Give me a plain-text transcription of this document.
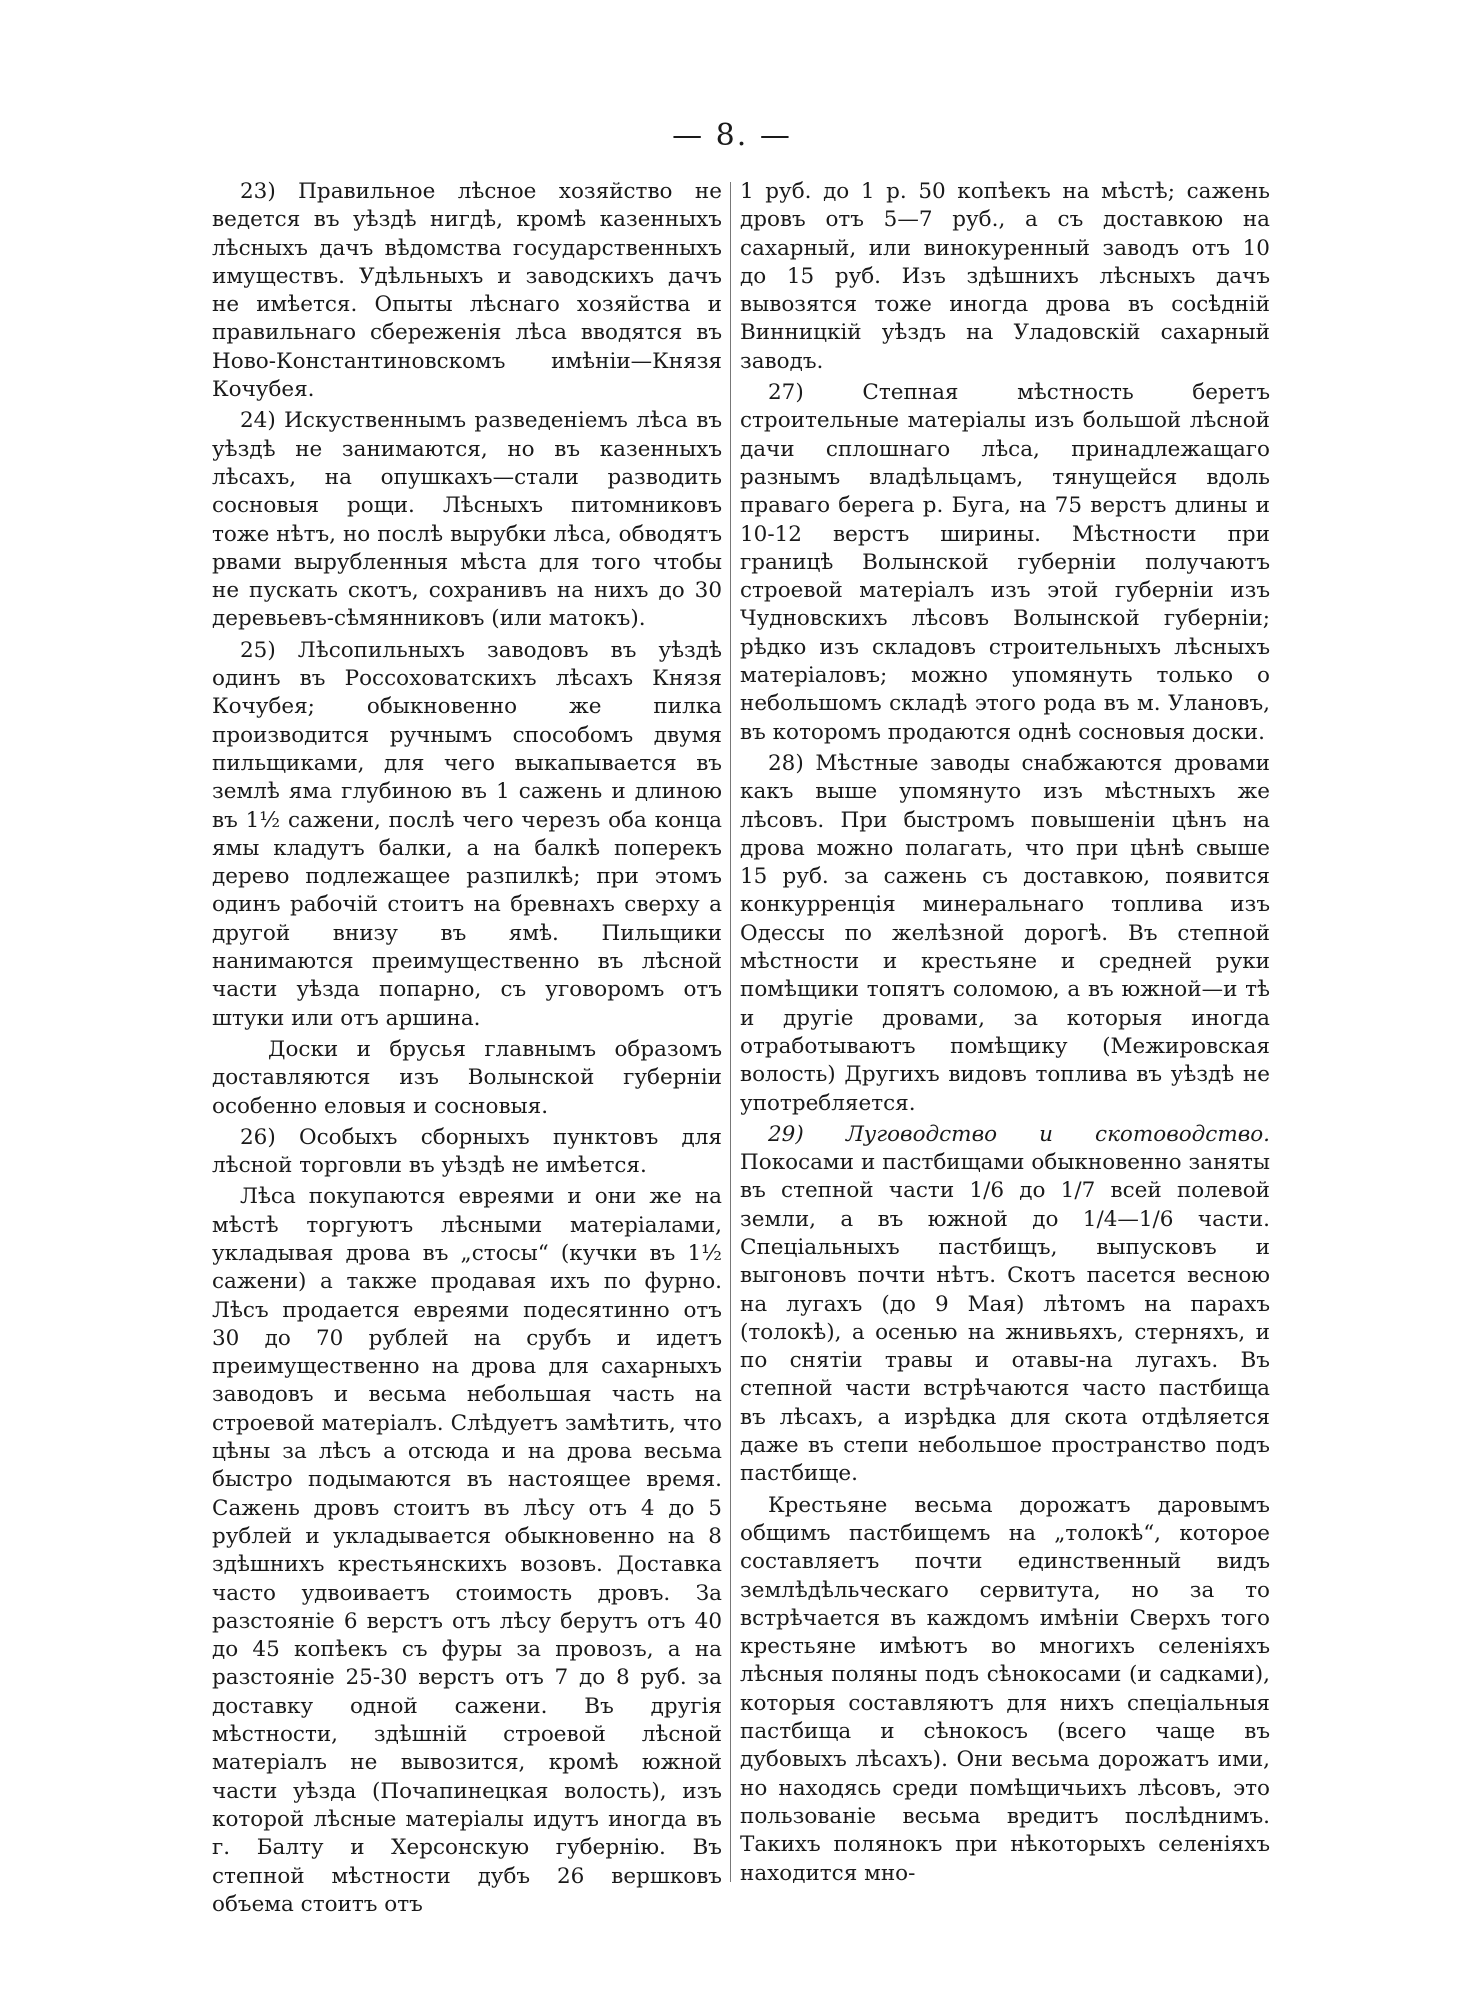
— 8. —

23) Правильное лѣсное хозяйство не ведется въ уѣздѣ нигдѣ, кромѣ казенныхъ лѣсныхъ дачъ вѣдомства государственныхъ имуществъ. Удѣльныхъ и заводскихъ дачъ не имѣется. Опыты лѣснаго хозяйства и правильнаго сбереженія лѣса вводятся въ Ново-Константиновскомъ имѣніи—Князя Кочубея.

24) Искуственнымъ разведеніемъ лѣса въ уѣздѣ не занимаются, но въ казенныхъ лѣсахъ, на опушкахъ—стали разводить сосновыя рощи. Лѣсныхъ питомниковъ тоже нѣтъ, но послѣ вырубки лѣса, обводятъ рвами вырубленныя мѣста для того чтобы не пускать скотъ, сохранивъ на нихъ до 30 деревьевъ-сѣмянниковъ (или матокъ).

25) Лѣсопильныхъ заводовъ въ уѣздѣ одинъ въ Россоховатскихъ лѣсахъ Князя Кочубея; обыкновенно же пилка производится ручнымъ способомъ двумя пильщиками, для чего выкапывается въ землѣ яма глубиною въ 1 сажень и длиною въ 1½ сажени, послѣ чего черезъ оба конца ямы кладутъ балки, а на балкѣ поперекъ дерево подлежащее разпилкѣ; при этомъ одинъ рабочій стоитъ на бревнахъ сверху а другой внизу въ ямѣ. Пильщики нанимаются преимущественно въ лѣсной части уѣзда попарно, съ уговоромъ отъ штуки или отъ аршина.

Доски и брусья главнымъ образомъ доставляются изъ Волынской губерніи особенно еловыя и сосновыя.

26) Особыхъ сборныхъ пунктовъ для лѣсной торговли въ уѣздѣ не имѣется.

Лѣса покупаются евреями и они же на мѣстѣ торгуютъ лѣсными матеріалами, укладывая дрова въ „стосы“ (кучки въ 1½ сажени) а также продавая ихъ по фурно. Лѣсъ продается евреями подесятинно отъ 30 до 70 рублей на срубъ и идетъ преимущественно на дрова для сахарныхъ заводовъ и весьма небольшая часть на строевой матеріалъ. Слѣдуетъ замѣтить, что цѣны за лѣсъ а отсюда и на дрова весьма быстро подымаются въ настоящее время. Сажень дровъ стоитъ въ лѣсу отъ 4 до 5 рублей и укладывается обыкновенно на 8 здѣшнихъ крестьянскихъ возовъ. Доставка часто удвоиваетъ стоимость дровъ. За разстояніе 6 верстъ отъ лѣсу берутъ отъ 40 до 45 копѣекъ съ фуры за провозъ, а на разстояніе 25-30 верстъ отъ 7 до 8 руб. за доставку одной сажени. Въ другія мѣстности, здѣшній строевой лѣсной матеріалъ не вывозится, кромѣ южной части уѣзда (Почапинецкая волость), изъ которой лѣсные матеріалы идутъ иногда въ г. Балту и Херсонскую губернію. Въ степной мѣстности дубъ 26 вершковъ объема стоитъ отъ

1 руб. до 1 р. 50 копѣекъ на мѣстѣ; сажень дровъ отъ 5—7 руб., а съ доставкою на сахарный, или винокуренный заводъ отъ 10 до 15 руб. Изъ здѣшнихъ лѣсныхъ дачъ вывозятся тоже иногда дрова въ сосѣдній Винницкій уѣздъ на Уладовскій сахарный заводъ.

27) Степная мѣстность беретъ строительные матеріалы изъ большой лѣсной дачи сплошнаго лѣса, принадлежащаго разнымъ владѣльцамъ, тянущейся вдоль праваго берега р. Буга, на 75 верстъ длины и 10-12 верстъ ширины. Мѣстности при границѣ Волынской губерніи получаютъ строевой матеріалъ изъ этой губерніи изъ Чудновскихъ лѣсовъ Волынской губерніи; рѣдко изъ складовъ строительныхъ лѣсныхъ матеріаловъ; можно упомянуть только о небольшомъ складѣ этого рода въ м. Улановъ, въ которомъ продаются однѣ сосновыя доски.

28) Мѣстные заводы снабжаются дровами какъ выше упомянуто изъ мѣстныхъ же лѣсовъ. При быстромъ повышеніи цѣнъ на дрова можно полагать, что при цѣнѣ свыше 15 руб. за сажень съ доставкою, появится конкурренція минеральнаго топлива изъ Одессы по желѣзной дорогѣ. Въ степной мѣстности и крестьяне и средней руки помѣщики топятъ соломою, а въ южной—и тѣ и другіе дровами, за которыя иногда отработываютъ помѣщику (Межировская волость) Другихъ видовъ топлива въ уѣздѣ не употребляется.

29) Луговодство и скотоводство. Покосами и пастбищами обыкновенно заняты въ степной части 1/6 до 1/7 всей полевой земли, а въ южной до 1/4—1/6 части. Спеціальныхъ пастбищъ, выпусковъ и выгоновъ почти нѣтъ. Скотъ пасется весною на лугахъ (до 9 Мая) лѣтомъ на парахъ (толокѣ), а осенью на жнивьяхъ, стерняхъ, и по снятіи травы и отавы-на лугахъ. Въ степной части встрѣчаются часто пастбища въ лѣсахъ, а изрѣдка для скота отдѣляется даже въ степи небольшое пространство подъ пастбище.

Крестьяне весьма дорожатъ даровымъ общимъ пастбищемъ на „толокѣ“, которое составляетъ почти единственный видъ землѣдѣльческаго сервитута, но за то встрѣчается въ каждомъ имѣніи Сверхъ того крестьяне имѣютъ во многихъ селеніяхъ лѣсныя поляны подъ сѣнокосами (и садками), которыя составляютъ для нихъ спеціальныя пастбища и сѣнокосъ (всего чаще въ дубовыхъ лѣсахъ). Они весьма дорожатъ ими, но находясь среди помѣщичьихъ лѣсовъ, это пользованіе весьма вредитъ послѣднимъ. Такихъ полянокъ при нѣкоторыхъ селеніяхъ находится мно-
